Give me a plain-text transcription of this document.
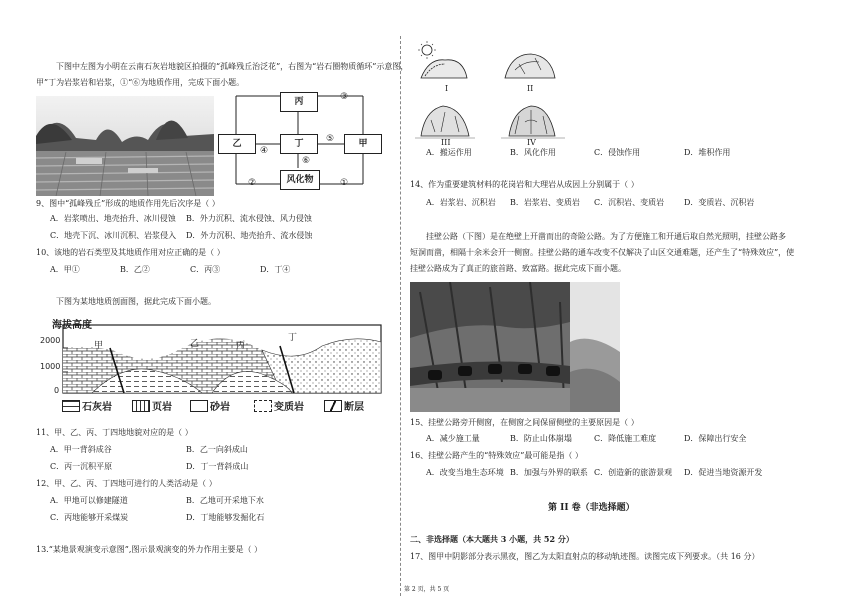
下图中左图为小明在云南石灰岩地貌区拍摄的“孤峰残丘治泛花”，右图为“岩石圈物质循环”示意图，
甲”丁为岩浆岩和岩浆，①“⑥为地质作用，完成下面小题。
丙
乙	丁	甲
风化物
③
④
⑤
⑥
②	①
9、图中“孤峰残丘”形成的地质作用先后次序是（ ）
A．岩浆喷出、地壳抬升、冰川侵蚀 B．外力沉积、流水侵蚀、风力侵蚀
C．地壳下沉、冰川沉积、岩浆侵入 D．外力沉积、地壳抬升、流水侵蚀
10、该地的岩石类型及其地质作用对应正确的是（ ）
A．甲①	B．乙②	C．丙③	D．丁④
下图为某地地质剖面图，据此完成下面小题。
海拔高度
2000
1000
0
甲	乙	丙
丁
石灰岩	页岩	砂岩	变质岩	断层
11、甲、乙、丙、丁四地地貌对应的是（ ）
A．甲一背斜成谷	B．乙一向斜成山
C．丙一沉积平原	D．丁一背斜成山
12、甲、乙、丙、丁四地可进行的人类活动是（ ）
A．甲地可以修建隧道	B．乙地可开采地下水
C．丙地能够开采煤炭	D．丁地能够发掘化石
13.“某地景观演变示意图”,图示景观演变的外力作用主要是（ ）
I	II
III	IV
A．搬运作用	B．风化作用	C．侵蚀作用	D．堆积作用
14、作为重要建筑材料的花岗岩和大理岩从成因上分别属于（ ）
A．岩浆岩、沉积岩 B．岩浆岩、变质岩 C．沉积岩、变质岩 D．变质岩、沉积岩
挂壁公路（下图）是在绝壁上开凿而出的奇险公路。为了方便施工和开通后取自然光照明，挂壁公路多
短洞而凿，相隔十余米会开一侧窗。挂壁公路的通车改变不仅解决了山区交通难题，还产生了“特殊效应”，使
挂壁公路成为了真正的旅首路、致富路。据此完成下面小题。
15、挂壁公路旁开侧窗，在侧窗之间保留侧壁的主要原因是（ ）
A．减少施工量	B．防止山体崩塌	C．降低施工难度	D．保障出行安全
16、挂壁公路产生的“特殊效应”最可能是指（ ）
A．改变当地生态环境 B．加强与外界的联系 C．创造新的旅游景观 D．促进当地资源开发
第 II 卷（非选择题）
二、非选择题（本大题共 3 小题，共 52 分）
17、图甲中阴影部分表示黑夜，图乙为太阳直射点的移动轨迹图。读图完成下列要求。（共 16 分）
第 2 页，共 5 页
